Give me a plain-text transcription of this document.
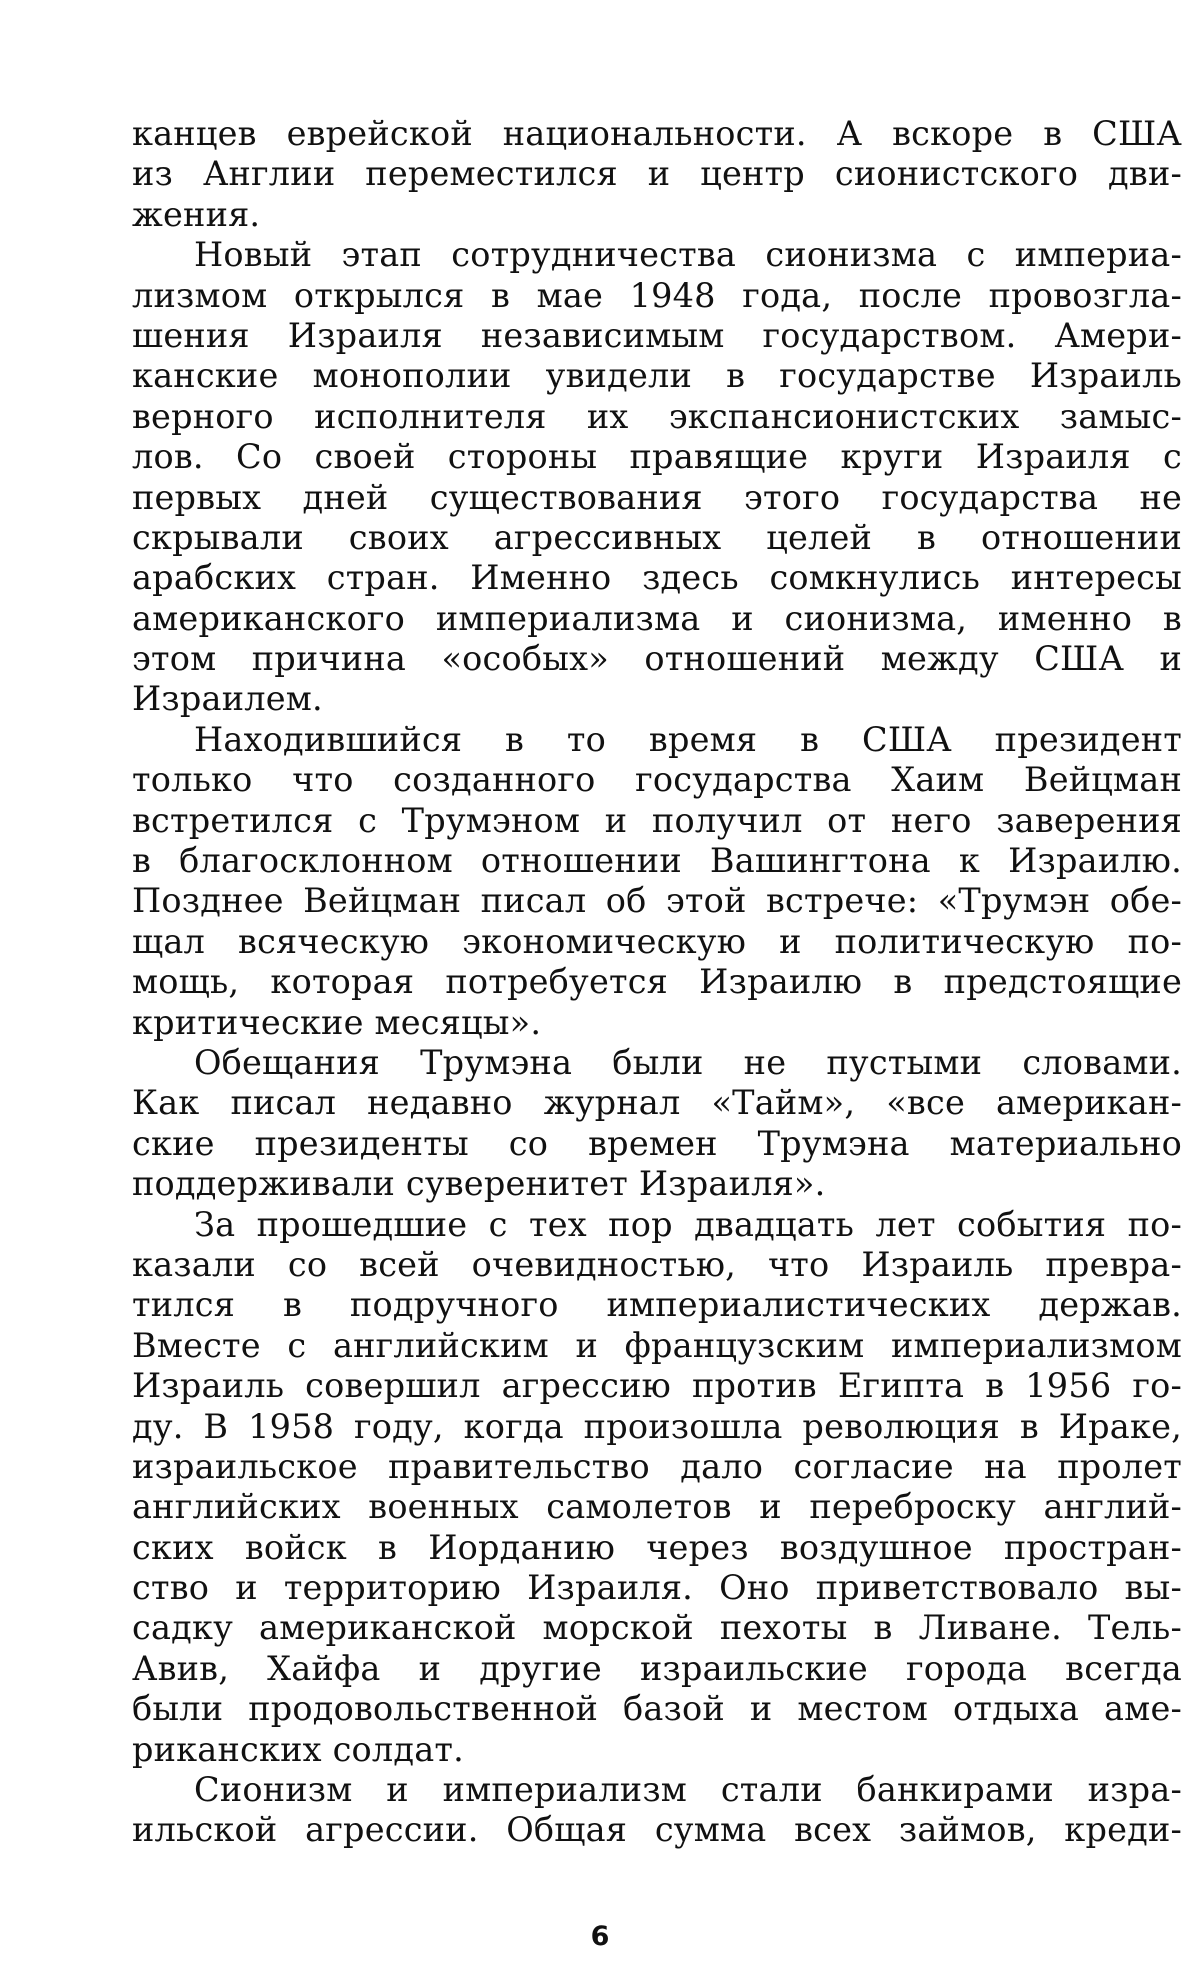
канцев еврейской национальности. А вскоре в США
из Англии переместился и центр сионистского дви-
жения.
Новый этап сотрудничества сионизма с империа-
лизмом открылся в мае 1948 года, после провозгла-
шения Израиля независимым государством. Амери-
канские монополии увидели в государстве Израиль
верного исполнителя их экспансионистских замыс-
лов. Со своей стороны правящие круги Израиля с
первых дней существования этого государства не
скрывали своих агрессивных целей в отношении
арабских стран. Именно здесь сомкнулись интересы
американского империализма и сионизма, именно в
этом причина «особых» отношений между США и
Израилем.
Находившийся в то время в США президент
только что созданного государства Хаим Вейцман
встретился с Трумэном и получил от него заверения
в благосклонном отношении Вашингтона к Израилю.
Позднее Вейцман писал об этой встрече: «Трумэн обе-
щал всяческую экономическую и политическую по-
мощь, которая потребуется Израилю в предстоящие
критические месяцы».
Обещания Трумэна были не пустыми словами.
Как писал недавно журнал «Тайм», «все американ-
ские президенты со времен Трумэна материально
поддерживали суверенитет Израиля».
За прошедшие с тех пор двадцать лет события по-
казали со всей очевидностью, что Израиль превра-
тился в подручного империалистических держав.
Вместе с английским и французским империализмом
Израиль совершил агрессию против Египта в 1956 го-
ду. В 1958 году, когда произошла революция в Ираке,
израильское правительство дало согласие на пролет
английских военных самолетов и переброску англий-
ских войск в Иорданию через воздушное простран-
ство и территорию Израиля. Оно приветствовало вы-
садку американской морской пехоты в Ливане. Тель-
Авив, Хайфа и другие израильские города всегда
были продовольственной базой и местом отдыха аме-
риканских солдат.
Сионизм и империализм стали банкирами изра-
ильской агрессии. Общая сумма всех займов, креди-
6
